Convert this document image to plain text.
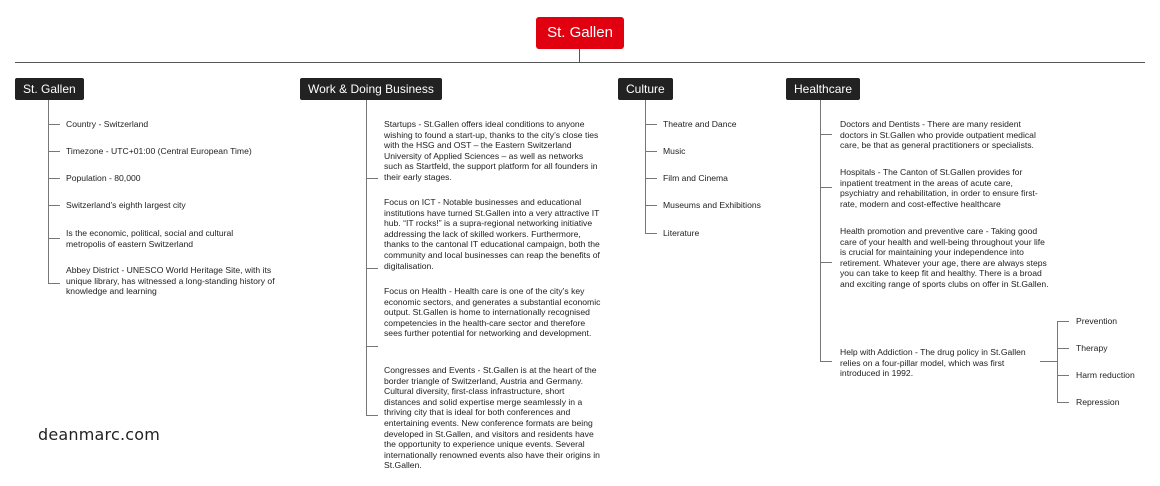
St. Gallen
St. Gallen
Country - Switzerland
Timezone - UTC+01:00 (Central European Time)
Population - 80,000
Switzerland’s eighth largest city
Is the economic, political, social and cultural metropolis of eastern Switzerland
Abbey District - UNESCO World Heritage Site, with its unique library, has witnessed a long-standing history of knowledge and learning
Work & Doing Business
Startups - St.Gallen offers ideal conditions to anyone wishing to found a start-up, thanks to the city’s close ties with the HSG and OST – the Eastern Switzerland University of Applied Sciences – as well as networks such as Startfeld, the support platform for all founders in their early stages.
Focus on ICT - Notable businesses and educational institutions have turned St.Gallen into a very attractive IT hub. “IT rocks!” is a supra-regional networking initiative addressing the lack of skilled workers. Furthermore, thanks to the cantonal IT educational campaign, both the community and local businesses can reap the benefits of digitalisation.
Focus on Health - Health care is one of the city’s key economic sectors, and generates a substantial economic output. St.Gallen is home to internationally recognised competencies in the health-care sector and therefore sees further potential for networking and development.
Congresses and Events - St.Gallen is at the heart of the border triangle of Switzerland, Austria and Germany. Cultural diversity, first-class infrastructure, short distances and solid expertise merge seamlessly in a thriving city that is ideal for both conferences and entertaining events. New conference formats are being developed in St.Gallen, and visitors and residents have the opportunity to experience unique events. Several internationally renowned events also have their origins in St.Gallen.
Culture
Theatre and Dance
Music
Film and Cinema
Museums and Exhibitions
Literature
Healthcare
Doctors and Dentists - There are many resident doctors in St.Gallen who provide outpatient medical care, be that as general practitioners or specialists.
Hospitals - The Canton of St.Gallen provides for inpatient treatment in the areas of acute care, psychiatry and rehabilitation, in order to ensure first-rate, modern and cost-effective healthcare
Health promotion and preventive care - Taking good care of your health and well-being throughout your life is crucial for maintaining your independence into retirement. Whatever your age, there are always steps you can take to keep fit and healthy. There is a broad and exciting range of sports clubs on offer in St.Gallen.
Help with Addiction - The drug policy in St.Gallen relies on a four-pillar model, which was first introduced in 1992.
Prevention
Therapy
Harm reduction
Repression
deanmarc.com
